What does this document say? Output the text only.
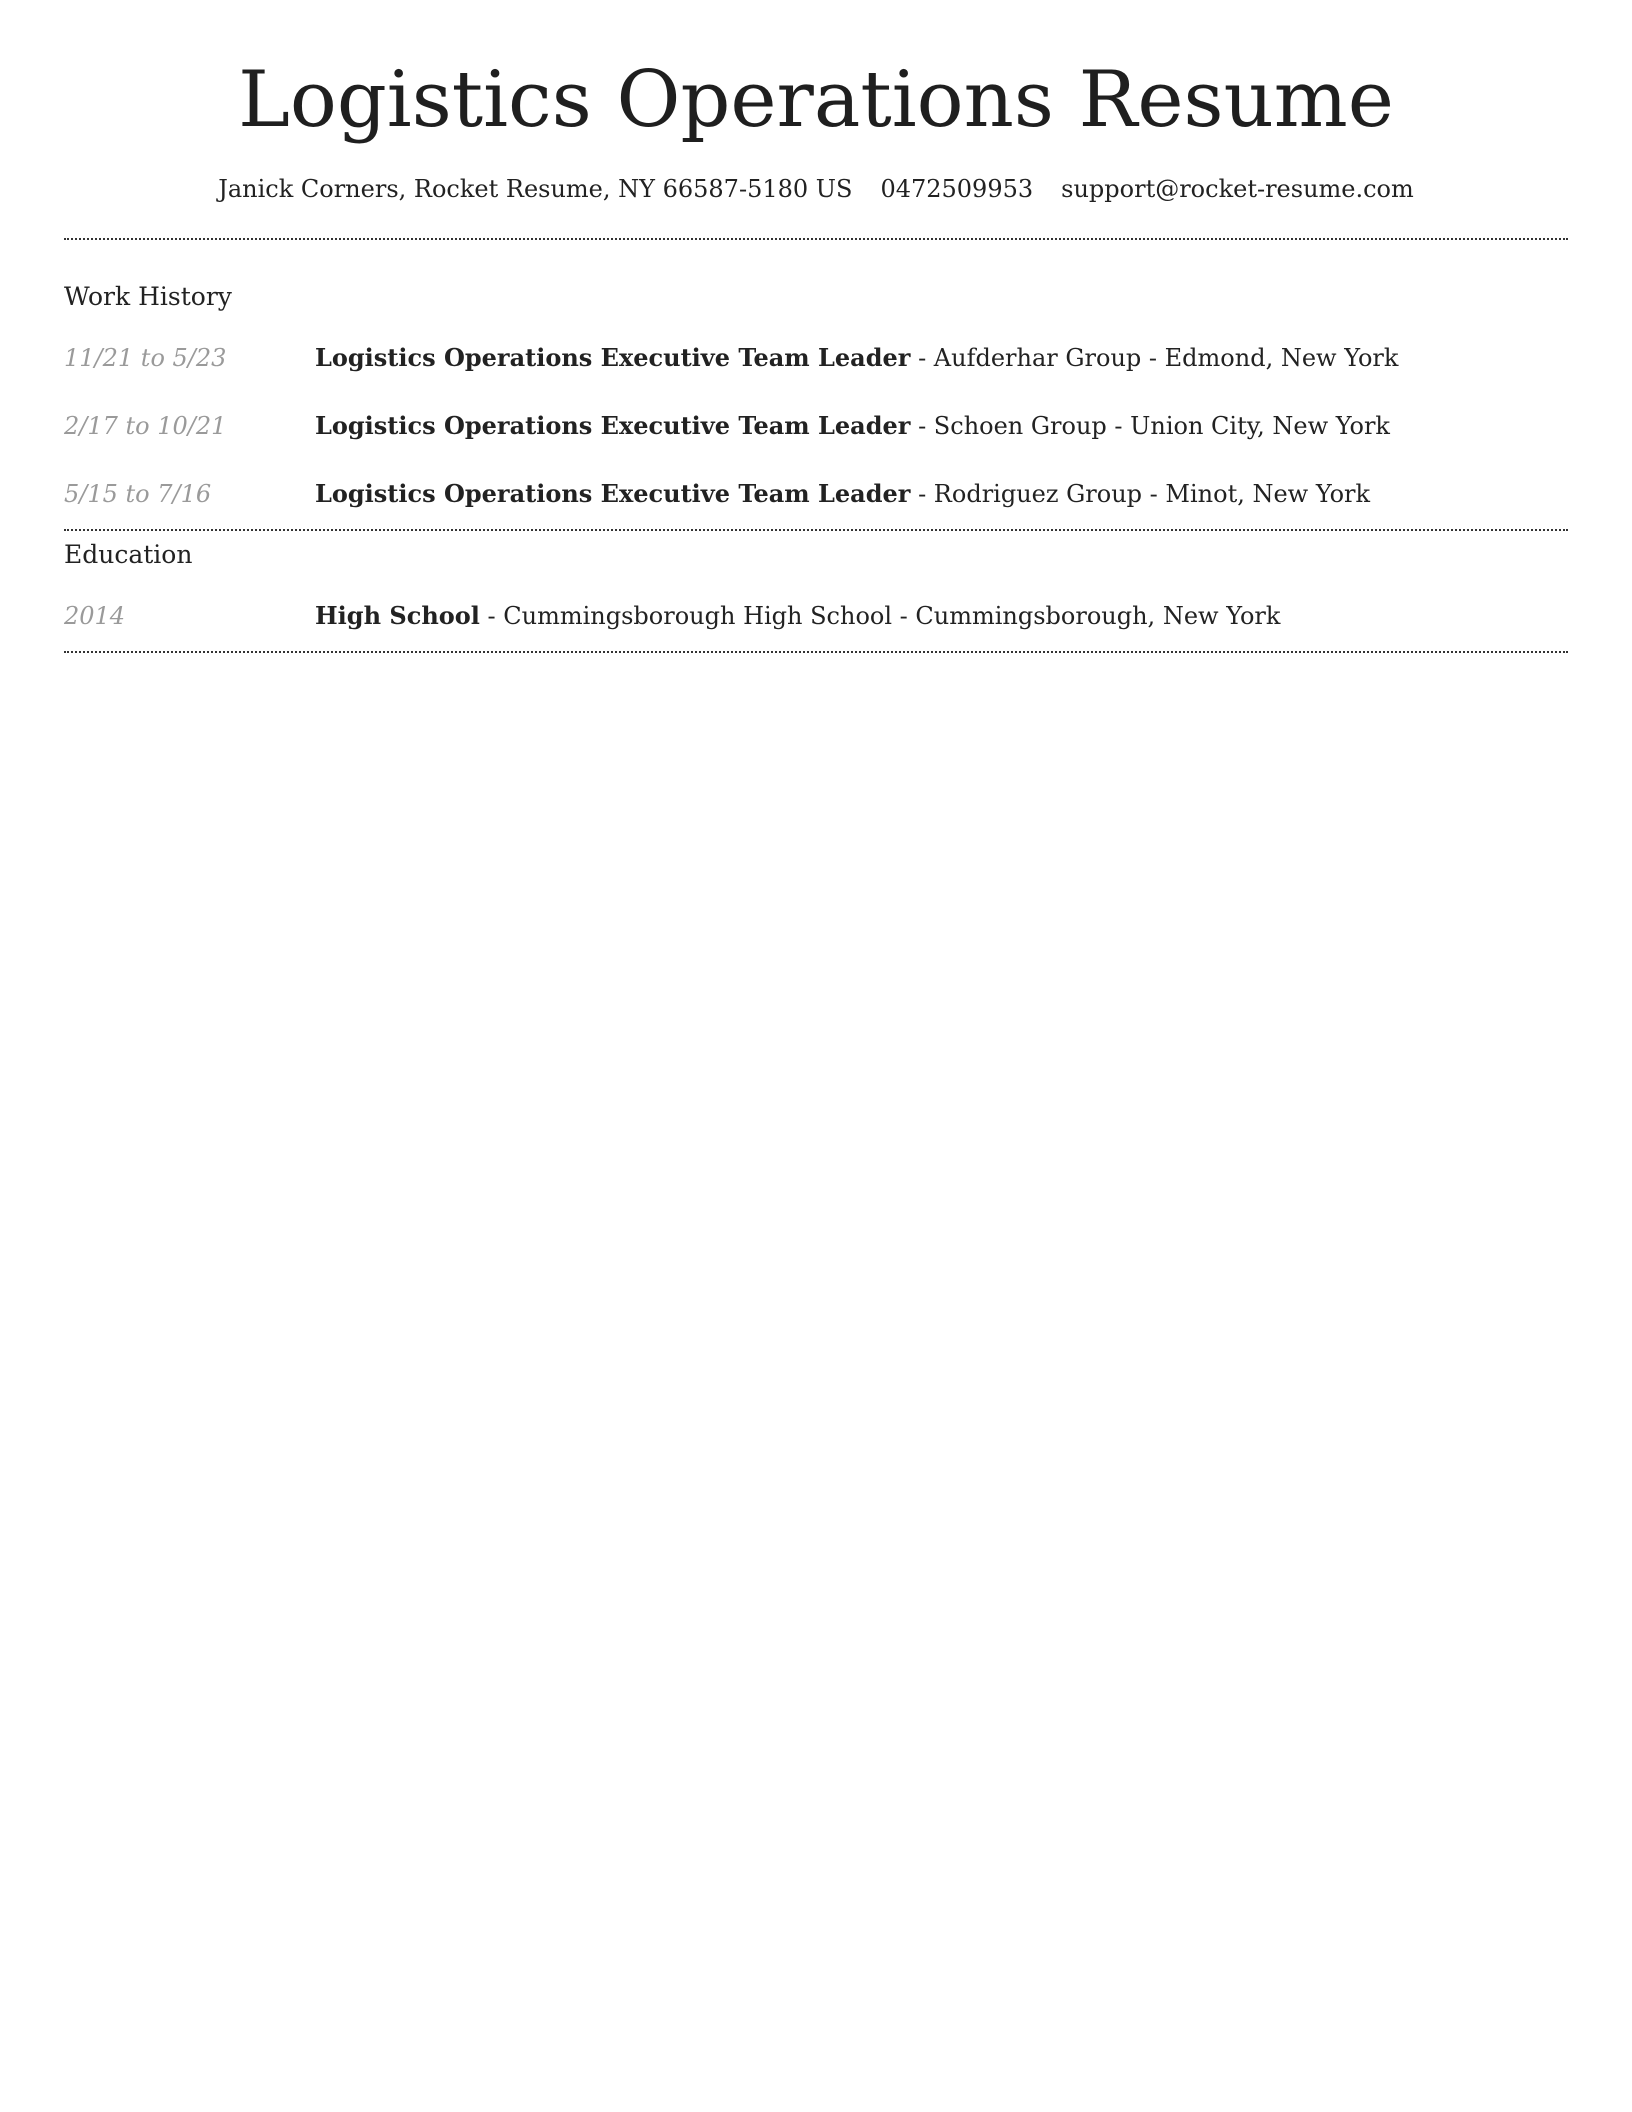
Logistics Operations Resume
Janick Corners, Rocket Resume, NY 66587-5180 US 0472509953 support@rocket-resume.com
Work History
11/21 to 5/23	Logistics Operations Executive Team Leader - Aufderhar Group - Edmond, New York
2/17 to 10/21	Logistics Operations Executive Team Leader - Schoen Group - Union City, New York
5/15 to 7/16	Logistics Operations Executive Team Leader - Rodriguez Group - Minot, New York
Education
2014	High School - Cummingsborough High School - Cummingsborough, New York
